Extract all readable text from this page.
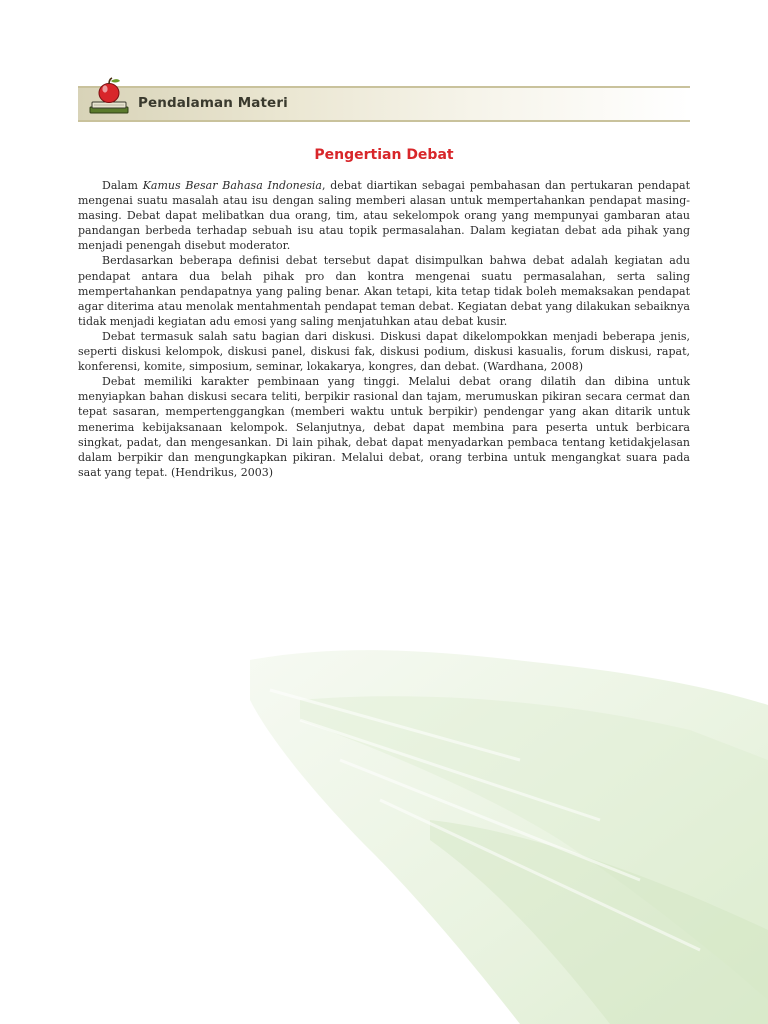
Pendalaman Materi
Pengertian Debat

Dalam Kamus Besar Bahasa Indonesia, debat diartikan sebagai pembahasan dan pertukaran pendapat mengenai suatu masalah atau isu dengan saling memberi alasan untuk mempertahankan pendapat masing-masing. Debat dapat melibatkan dua orang, tim, atau sekelompok orang yang mempunyai gambaran atau pandangan berbeda terhadap sebuah isu atau topik permasalahan. Dalam kegiatan debat ada pihak yang menjadi penengah disebut moderator.

Berdasarkan beberapa definisi debat tersebut dapat disimpulkan bahwa debat adalah kegiatan adu pendapat antara dua belah pihak pro dan kontra mengenai suatu permasalahan, serta saling mempertahankan pendapatnya yang paling benar. Akan tetapi, kita tetap tidak boleh memaksakan pendapat agar diterima atau menolak mentahmentah pendapat teman debat. Kegiatan debat yang dilakukan sebaiknya tidak menjadi kegiatan adu emosi yang saling menjatuhkan atau debat kusir.

Debat termasuk salah satu bagian dari diskusi. Diskusi dapat dikelompokkan menjadi beberapa jenis, seperti diskusi kelompok, diskusi panel, diskusi fak, diskusi podium, diskusi kasualis, forum diskusi, rapat, konferensi, komite, simposium, seminar, lokakarya, kongres, dan debat. (Wardhana, 2008)

Debat memiliki karakter pembinaan yang tinggi. Melalui debat orang dilatih dan dibina untuk menyiapkan bahan diskusi secara teliti, berpikir rasional dan tajam, merumuskan pikiran secara cermat dan tepat sasaran, mempertenggangkan (memberi waktu untuk berpikir) pendengar yang akan ditarik untuk menerima kebijaksanaan kelompok. Selanjutnya, debat dapat membina para peserta untuk berbicara singkat, padat, dan mengesankan. Di lain pihak, debat dapat menyadarkan pembaca tentang ketidakjelasan dalam berpikir dan mengungkapkan pikiran. Melalui debat, orang terbina untuk mengangkat suara pada saat yang tepat. (Hendrikus, 2003)
